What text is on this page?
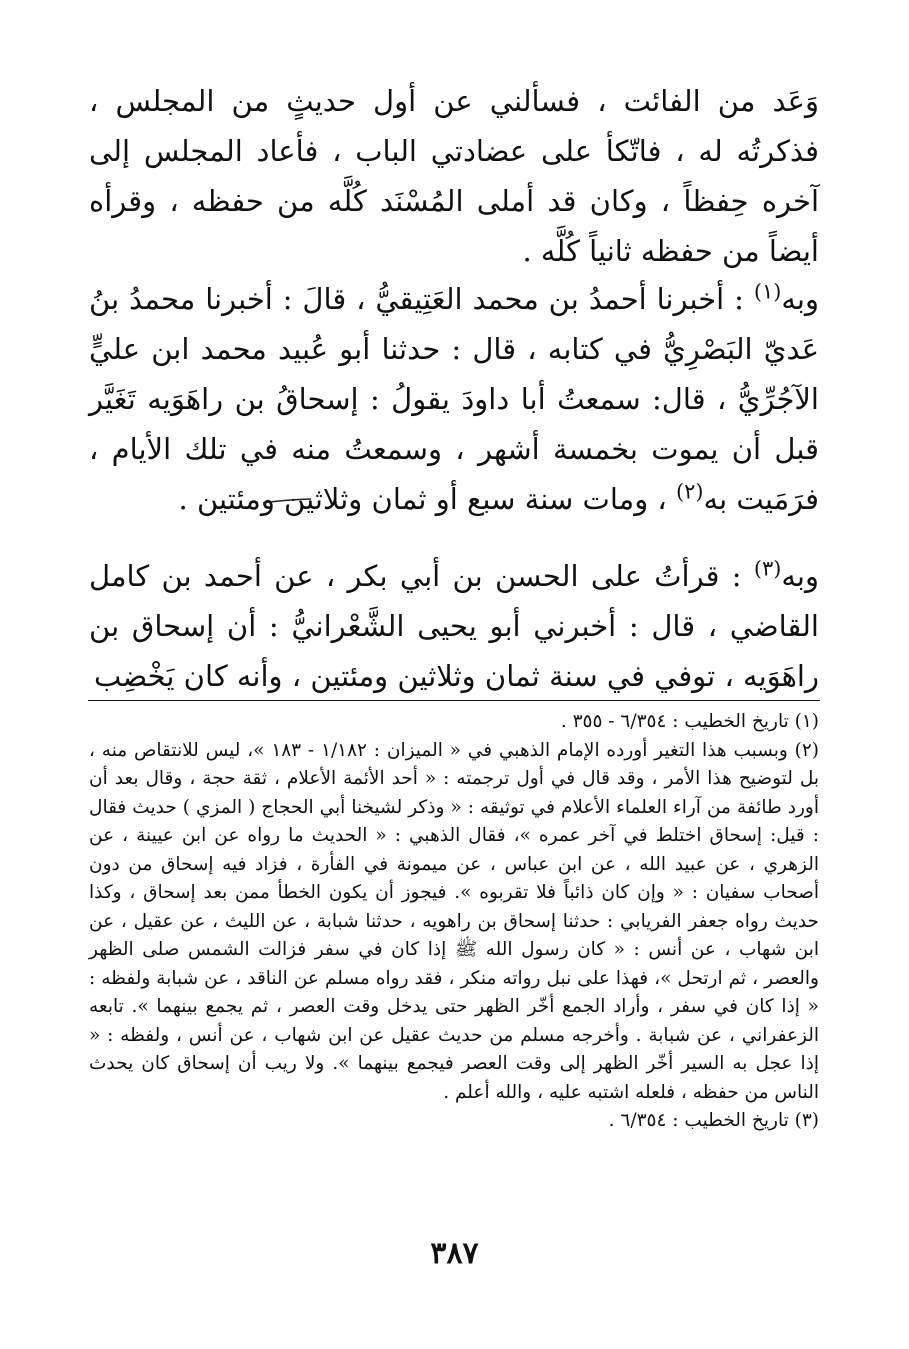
وَعَد من الفائت ، فسألني عن أول حديثٍ من المجلس ، فذكرتُه له ، فاتّكأ على عضادتي الباب ، فأعاد المجلس إلى آخره حِفظاً ، وكان قد أملى المُسْنَد كُلَّه من حفظه ، وقرأه أيضاً من حفظه ثانياً كُلَّه .

وبه$^{(١)}$ : أخبرنا أحمدُ بن محمد العَتِيقيُّ ، قالَ : أخبرنا محمدُ بنُ عَديّ البَصْرِيُّ في كتابه ، قال : حدثنا أبو عُبيد محمد ابن عليٍّ الآجُرِّيُّ ، قال: سمعتُ أبا داودَ يقولُ : إسحاقُ بن راهَوَيه تَغَيَّر قبل أن يموت بخمسة أشهر ، وسمعتُ منه في تلك الأيام ، فرَمَيت به$^{(٢)}$ ، ومات سنة سبع أو ثمان وثلاثين ومئتين .

وبه$^{(٣)}$ : قرأتُ على الحسن بن أبي بكر ، عن أحمد بن كامل القاضي ، قال : أخبرني أبو يحيى الشَّعْرانيُّ : أن إسحاق بن راهَوَيه ، توفي في سنة ثمان وثلاثين ومئتين ، وأنه كان يَخْضِب

(١) تاريخ الخطيب : ٦/٣٥٤ - ٣٥٥ .

(٢) وبسبب هذا التغير أورده الإمام الذهبي في « الميزان : ١/١٨٢ - ١٨٣ »، ليس للانتقاص منه ، بل لتوضيح هذا الأمر ، وقد قال في أول ترجمته : « أحد الأئمة الأعلام ، ثقة حجة ، وقال بعد أن أورد طائفة من آراء العلماء الأعلام في توثيقه : « وذكر لشيخنا أبي الحجاج ( المزي ) حديث فقال : قيل: إسحاق اختلط في آخر عمره »، فقال الذهبي : « الحديث ما رواه عن ابن عيينة ، عن الزهري ، عن عبيد الله ، عن ابن عباس ، عن ميمونة في الفأرة ، فزاد فيه إسحاق من دون أصحاب سفيان : « وإن كان ذائباً فلا تقربوه ». فيجوز أن يكون الخطأ ممن بعد إسحاق ، وكذا حديث رواه جعفر الفريابي : حدثنا إسحاق بن راهويه ، حدثنا شبابة ، عن الليث ، عن عقيل ، عن ابن شهاب ، عن أنس : « كان رسول الله ﷺ إذا كان في سفر فزالت الشمس صلى الظهر والعصر ، ثم ارتحل »، فهذا على نبل رواته منكر ، فقد رواه مسلم عن الناقد ، عن شبابة ولفظه : « إذا كان في سفر ، وأراد الجمع أخّر الظهر حتى يدخل وقت العصر ، ثم يجمع بينهما ». تابعه الزعفراني ، عن شبابة . وأخرجه مسلم من حديث عقيل عن ابن شهاب ، عن أنس ، ولفظه : « إذا عجل به السير أخّر الظهر إلى وقت العصر فيجمع بينهما ». ولا ريب أن إسحاق كان يحدث الناس من حفظه ، فلعله اشتبه عليه ، والله أعلم .

(٣) تاريخ الخطيب : ٦/٣٥٤ .

٣٨٧
